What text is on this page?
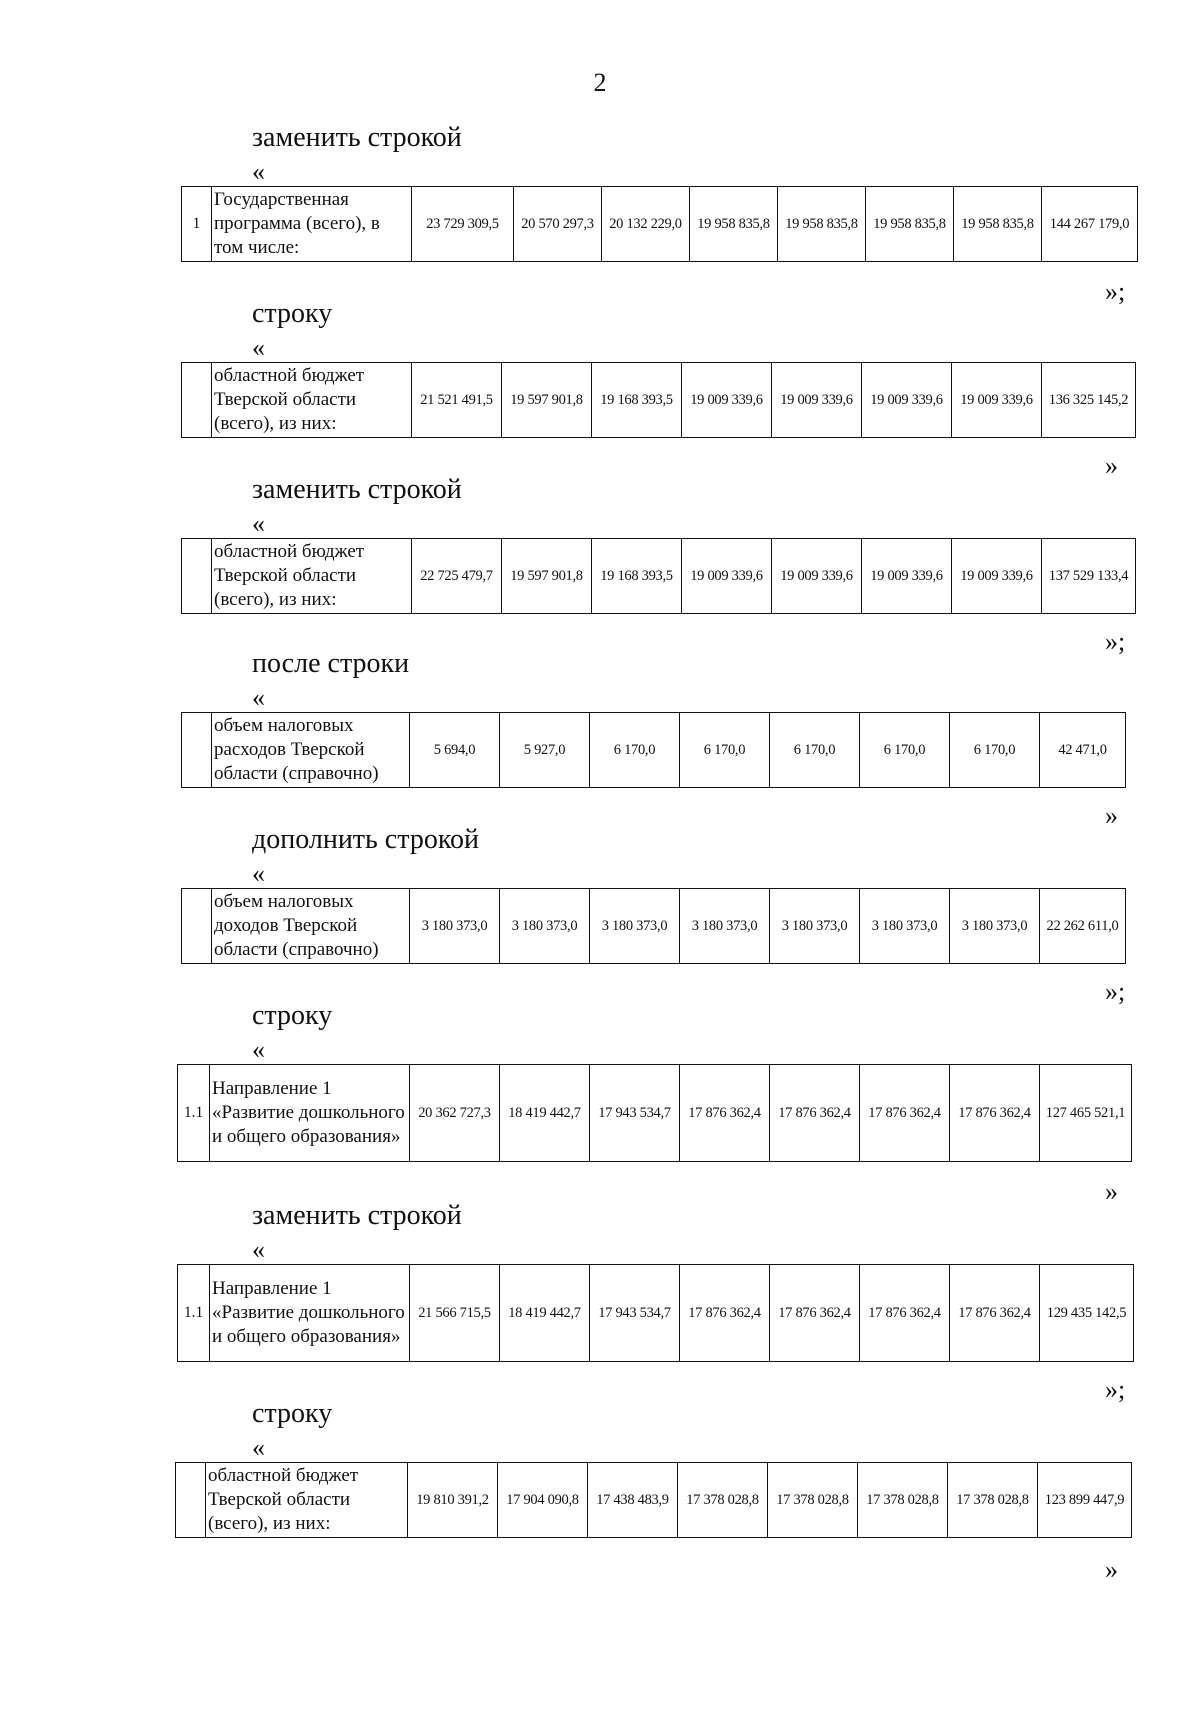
2
заменить строкой
«
1	Государственная программа (всего), в том числе:	23 729 309,5	20 570 297,3	20 132 229,0	19 958 835,8	19 958 835,8	19 958 835,8	19 958 835,8	144 267 179,0
»;
строку
«
	областной бюджет Тверской области (всего), из них:	21 521 491,5	19 597 901,8	19 168 393,5	19 009 339,6	19 009 339,6	19 009 339,6	19 009 339,6	136 325 145,2
»
заменить строкой
«
	областной бюджет Тверской области (всего), из них:	22 725 479,7	19 597 901,8	19 168 393,5	19 009 339,6	19 009 339,6	19 009 339,6	19 009 339,6	137 529 133,4
»;
после строки
«
	объем налоговых расходов Тверской области (справочно)	5 694,0	5 927,0	6 170,0	6 170,0	6 170,0	6 170,0	6 170,0	42 471,0
»
дополнить строкой
«
	объем налоговых доходов Тверской области (справочно)	3 180 373,0	3 180 373,0	3 180 373,0	3 180 373,0	3 180 373,0	3 180 373,0	3 180 373,0	22 262 611,0
»;
строку
«
1.1	Направление 1 «Развитие дошкольного и общего образования»	20 362 727,3	18 419 442,7	17 943 534,7	17 876 362,4	17 876 362,4	17 876 362,4	17 876 362,4	127 465 521,1
»
заменить строкой
«
1.1	Направление 1 «Развитие дошкольного и общего образования»	21 566 715,5	18 419 442,7	17 943 534,7	17 876 362,4	17 876 362,4	17 876 362,4	17 876 362,4	129 435 142,5
»;
строку
«
	областной бюджет Тверской области (всего), из них:	19 810 391,2	17 904 090,8	17 438 483,9	17 378 028,8	17 378 028,8	17 378 028,8	17 378 028,8	123 899 447,9
»
